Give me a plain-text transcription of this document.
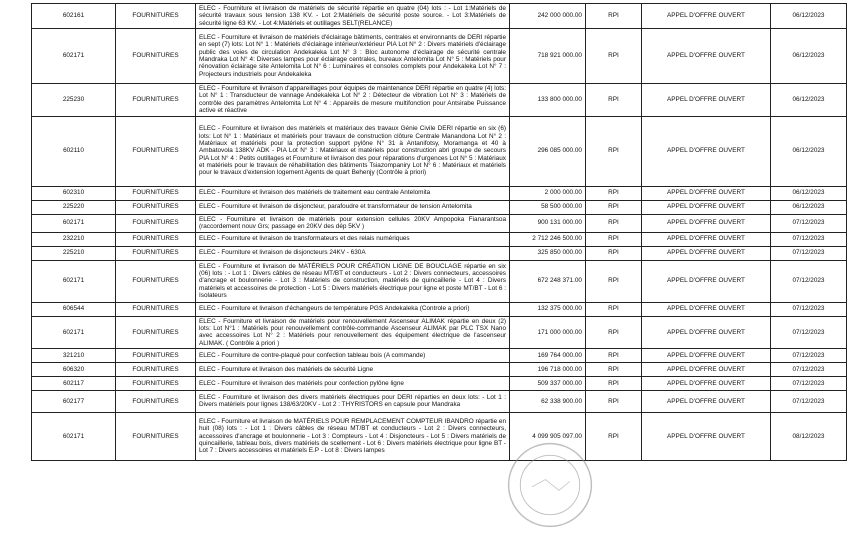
602161	FOURNITURES	ELEC - Fourniture et livraison de matériels de sécurité répartie en quatre (04) lots : - Lot 1:Matériels de sécurité travaux sous tension 138 KV. - Lot 2:Matériels de sécurité poste source. - Lot 3:Matériels de sécurité ligne 63 KV. - Lot 4:Matériels et outillages SELT(RELANCE)	242 000 000.00	RPI	APPEL D'OFFRE OUVERT	06/12/2023
602171	FOURNITURES	ELEC - Fourniture et livraison de matériels d'éclairage bâtiments, centrales et environnants de DERI répartie en sept (7) lots: Lot N° 1 : Matériels d'éclairage intérieur/extérieur PIA Lot N° 2 : Divers matériels d'éclairage public des voies de circulation Andekaleka Lot N° 3 : Bloc autonome d'éclairage de sécurité centrale Mandraka Lot N° 4: Diverses lampes pour éclairage centrales, bureaux Antelomita Lot N° 5 : Matériels pour rénovation éclairage site Antelomita Lot N° 6 : Luminaires et consoles complets pour Andekaleka Lot N° 7 : Projecteurs industriels pour Andekaleka	718 921 000.00	RPI	APPEL D'OFFRE OUVERT	06/12/2023
225230	FOURNITURES	ELEC - Fourniture et livraison d'appareillages pour équipes de maintenance DERI répartie en quatre (4) lots: Lot N° 1 : Transducteur de vannage Andekaleka Lot N° 2 : Détecteur de vibration Lot N° 3 : Matériels de contrôle des paramètres Antelomita Lot N° 4 : Appareils de mesure multifonction pour Antsirabe Puissance active et réactive	133 800 000.00	RPI	APPEL D'OFFRE OUVERT	06/12/2023
602110	FOURNITURES	ELEC - Fourniture et livraison des matériels et matériaux des travaux Génie Civile DERI répartie en six (6) lots: Lot N° 1 : Matériaux et matériels pour travaux de construction clôture Centrale Manandona Lot N° 2 : Matériaux et matériels pour la protection support pylône N° 31 à Antanifotsy, Moramanga et 40 à Ambatovola 138KV ADK - PIA Lot N° 3 : Matériaux et matériels pour construction abri groupe de secours PIA Lot N° 4 : Petits outillages et Fourniture et livraison des pour réparations d'urgences Lot N° 5 : Matériaux et matériels pour le travaux de réhabilitation des bâtiments Tsiazompaniry Lot N° 6 : Matériaux et matériels pour le travaux d'extension logement Agents de quart Behenjy (Contrôle à priori)	296 085 000.00	RPI	APPEL D'OFFRE OUVERT	06/12/2023
602310	FOURNITURES	ELEC - Fourniture et livraison des matériels de traitement eau centrale Antelomita	2 000 000.00	RPI	APPEL D'OFFRE OUVERT	06/12/2023
225220	FOURNITURES	ELEC - Fourniture et livraison de disjoncteur, parafoudre et transformateur de tension Antelomita	58 500 000.00	RPI	APPEL D'OFFRE OUVERT	06/12/2023
602171	FOURNITURES	ELEC - Fourniture et livraison de matériels pour extension cellules 20KV Ampopoka Fianarantsoa (raccordement nouv Grs; passage en 20KV des dép 5KV )	900 131 000.00	RPI	APPEL D'OFFRE OUVERT	07/12/2023
232210	FOURNITURES	ELEC - Fourniture et livraison de transformateurs et des relais numériques	2 712 246 500.00	RPI	APPEL D'OFFRE OUVERT	07/12/2023
225210	FOURNITURES	ELEC - Fourniture et livraison de disjoncteurs 24KV - 630A	325 850 000.00	RPI	APPEL D'OFFRE OUVERT	07/12/2023
602171	FOURNITURES	ELEC - Fourniture et livraison de MATÉRIELS POUR CRÉATION LIGNE DE BOUCLAGE répartie en six (06) lots : - Lot 1 : Divers câbles de réseau MT/BT et conducteurs - Lot 2 : Divers connecteurs, accessoires d'ancrage et boulonnerie - Lot 3 : Matériels de construction, matériels de quincaillerie - Lot 4 : Divers matériels et accessoires de protection - Lot 5 : Divers matériels électrique pour ligne et poste MT/BT - Lot 6 : Isolateurs	672 248 371.00	RPI	APPEL D'OFFRE OUVERT	07/12/2023
606544	FOURNITURES	ELEC - Fourniture et livraison d'échangeurs de température PGS Andekaleka (Controle a priori)	132 375 000.00	RPI	APPEL D'OFFRE OUVERT	07/12/2023
602171	FOURNITURES	ELEC - Fourniture et livraison de matériels pour renouvellement Ascenseur ALIMAK répartie en deux (2) lots: Lot N°1 : Matériels pour renouvellement contrôle-commande Ascenseur ALIMAK par PLC TSX Nano avec accessoires Lot N° 2 : Matériels pour renouvellement des équipement électrique de l'ascenseur ALIMAK. ( Contrôle à priori )	171 000 000.00	RPI	APPEL D'OFFRE OUVERT	07/12/2023
321210	FOURNITURES	ELEC - Fourniture de contre-plaqué pour confection tableau bois (A commande)	169 764 000.00	RPI	APPEL D'OFFRE OUVERT	07/12/2023
606320	FOURNITURES	ELEC - Fourniture et livraison des matériels de sécurité Ligne	196 718 000.00	RPI	APPEL D'OFFRE OUVERT	07/12/2023
602117	FOURNITURES	ELEC - Fourniture et livraison des matériels pour confection pylône ligne	509 337 000.00	RPI	APPEL D'OFFRE OUVERT	07/12/2023
602177	FOURNITURES	ELEC - Fourniture et livraison des divers matériels électriques pour DERI réparties en deux lots: - Lot 1 : Divers matériels pour lignes 138/63/20KV - Lot 2 : THYRISTORS en capsule pour Mandraka	62 338 900.00	RPI	APPEL D'OFFRE OUVERT	07/12/2023
602171	FOURNITURES	ELEC - Fourniture et livraison de MATÉRIELS POUR REMPLACEMENT COMPTEUR IBANDRO répartie en huit (08) lots : - Lot 1 : Divers câbles de réseau MT/BT et conducteurs - Lot 2 : Divers connecteurs, accessoires d'ancrage et boulonnerie - Lot 3 : Compteurs - Lot 4 : Disjoncteurs - Lot 5 : Divers matériels de quincaillerie, tableau bois, divers matériels de scellement - Lot 6 : Divers matériels électrique pour ligne BT - Lot 7 : Divers accessoires et matériels E.P - Lot 8 : Divers lampes	4 099 905 097.00	RPI	APPEL D'OFFRE OUVERT	08/12/2023
